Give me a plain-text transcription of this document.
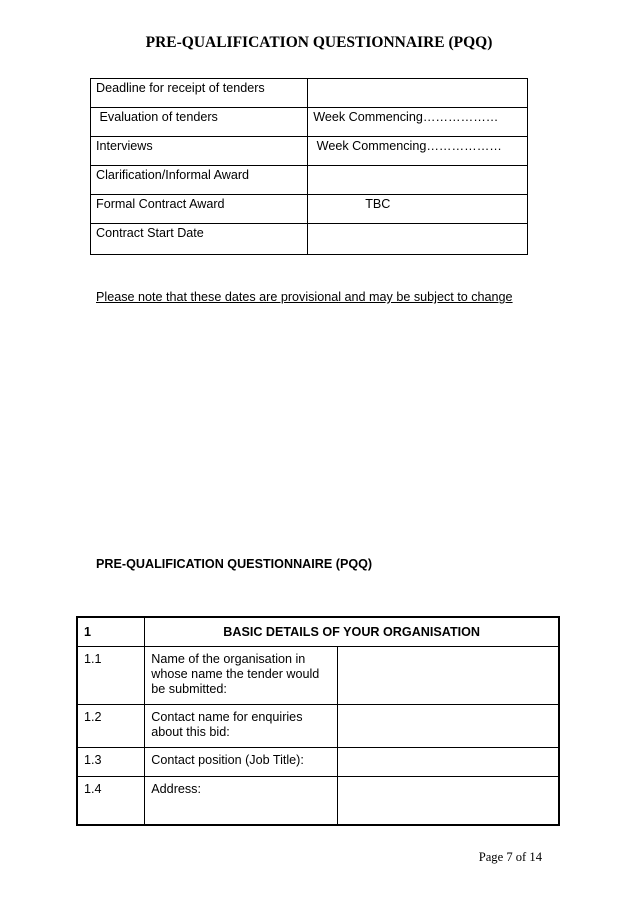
PRE-QUALIFICATION QUESTIONNAIRE (PQQ)
Deadline for receipt of tenders	
Evaluation of tenders	Week Commencing………………
Interviews	Week Commencing………………
Clarification/Informal Award	
Formal Contract Award	TBC
Contract Start Date	
Please note that these dates are provisional and may be subject to change
PRE-QUALIFICATION QUESTIONNAIRE (PQQ)
1	BASIC DETAILS OF YOUR ORGANISATION	
1.1	Name of the organisation in whose name the tender would be submitted:	
1.2	Contact name for enquiries about this bid:	
1.3	Contact position (Job Title):	
1.4	Address:	
Page 7 of 14
